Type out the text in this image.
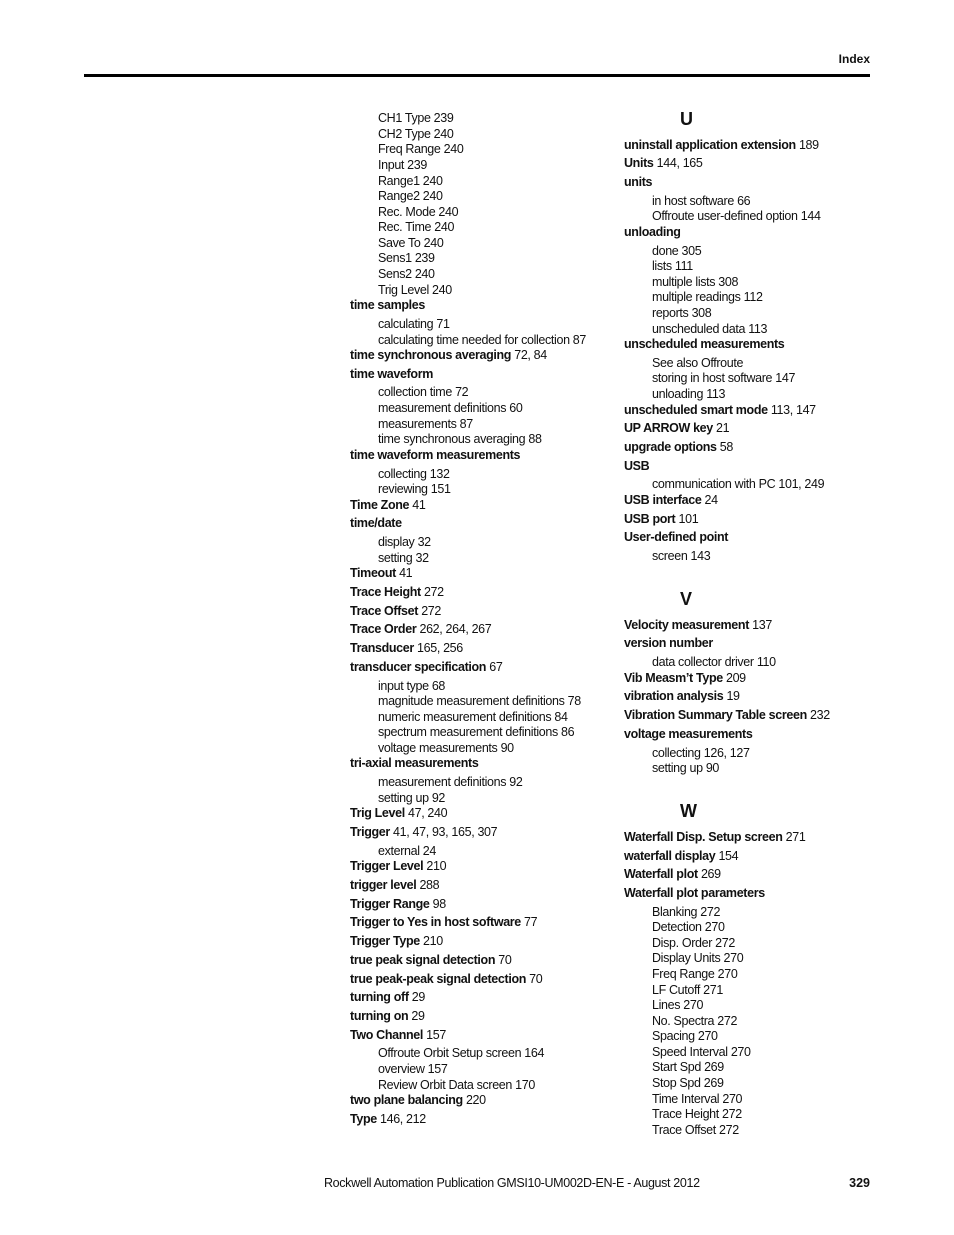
Index
CH1 Type 239
CH2 Type 240
Freq Range 240
Input 239
Range1 240
Range2 240
Rec. Mode 240
Rec. Time 240
Save To 240
Sens1 239
Sens2 240
Trig Level 240
time samples
calculating 71
calculating time needed for collection 87
time synchronous averaging 72, 84
time waveform
collection time 72
measurement definitions 60
measurements 87
time synchronous averaging 88
time waveform measurements
collecting 132
reviewing 151
Time Zone 41
time/date
display 32
setting 32
Timeout 41
Trace Height 272
Trace Offset 272
Trace Order 262, 264, 267
Transducer 165, 256
transducer specification 67
input type 68
magnitude measurement definitions 78
numeric measurement definitions 84
spectrum measurement definitions 86
voltage measurements 90
tri-axial measurements
measurement definitions 92
setting up 92
Trig Level 47, 240
Trigger 41, 47, 93, 165, 307
external 24
Trigger Level 210
trigger level 288
Trigger Range 98
Trigger to Yes in host software 77
Trigger Type 210
true peak signal detection 70
true peak-peak signal detection 70
turning off 29
turning on 29
Two Channel 157
Offroute Orbit Setup screen 164
overview 157
Review Orbit Data screen 170
two plane balancing 220
Type 146, 212
U
uninstall application extension 189
Units 144, 165
units
in host software 66
Offroute user-defined option 144
unloading
done 305
lists 111
multiple lists 308
multiple readings 112
reports 308
unscheduled data 113
unscheduled measurements
See also Offroute
storing in host software 147
unloading 113
unscheduled smart mode 113, 147
UP ARROW key 21
upgrade options 58
USB
communication with PC 101, 249
USB interface 24
USB port 101
User-defined point
screen 143
V
Velocity measurement 137
version number
data collector driver 110
Vib Measm’t Type 209
vibration analysis 19
Vibration Summary Table screen 232
voltage measurements
collecting 126, 127
setting up 90
W
Waterfall Disp. Setup screen 271
waterfall display 154
Waterfall plot 269
Waterfall plot parameters
Blanking 272
Detection 270
Disp. Order 272
Display Units 270
Freq Range 270
LF Cutoff 271
Lines 270
No. Spectra 272
Spacing 270
Speed Interval 270
Start Spd 269
Stop Spd 269
Time Interval 270
Trace Height 272
Trace Offset 272
Rockwell Automation Publication GMSI10-UM002D-EN-E - August 2012	329
